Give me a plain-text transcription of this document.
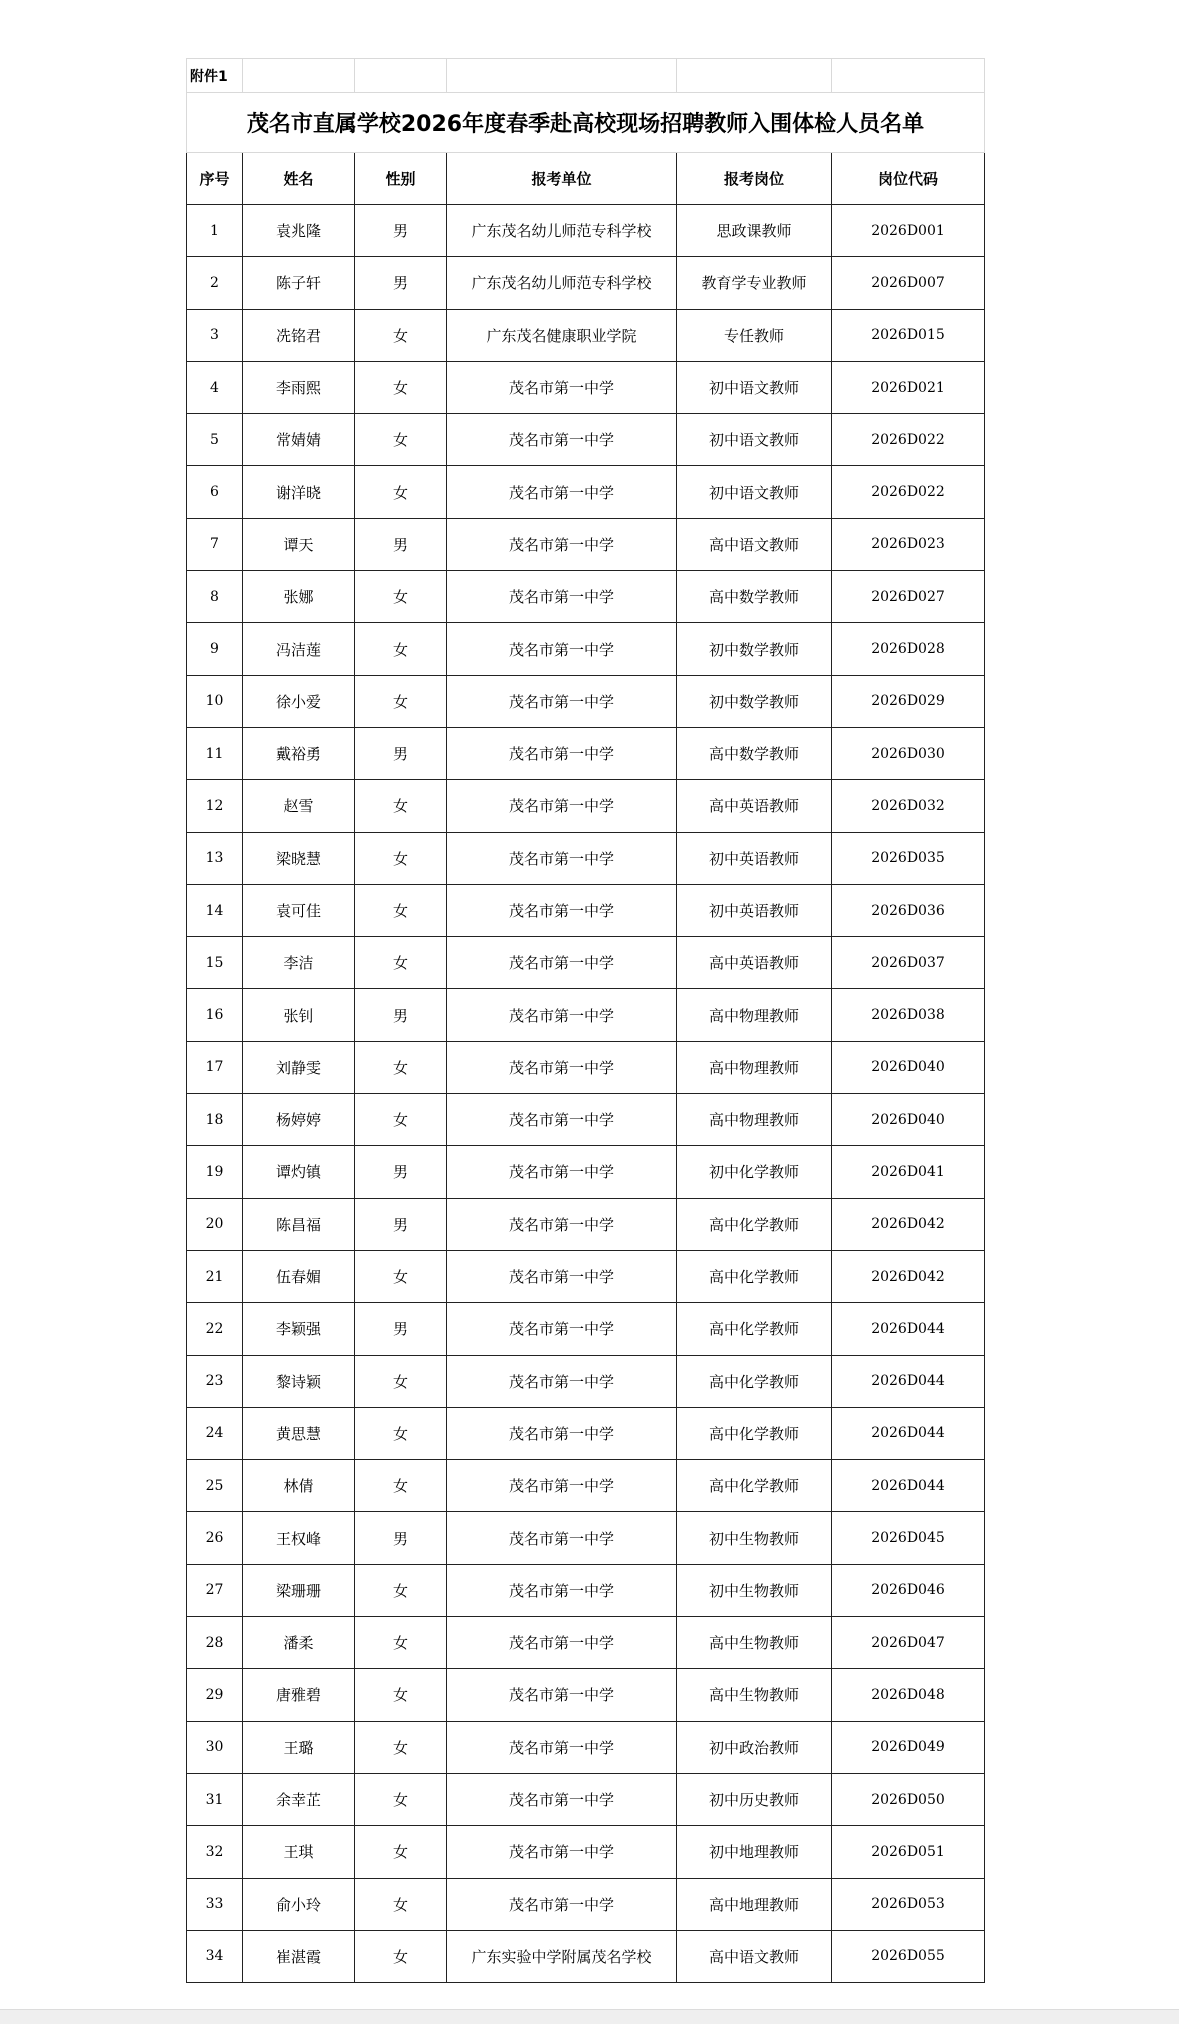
附件1					
茂名市直属学校2026年度春季赴高校现场招聘教师入围体检人员名单					
序号	姓名	性别	报考单位	报考岗位	岗位代码
1	袁兆隆	男	广东茂名幼儿师范专科学校	思政课教师	2026D001
2	陈子轩	男	广东茂名幼儿师范专科学校	教育学专业教师	2026D007
3	冼铭君	女	广东茂名健康职业学院	专任教师	2026D015
4	李雨熙	女	茂名市第一中学	初中语文教师	2026D021
5	常婧婧	女	茂名市第一中学	初中语文教师	2026D022
6	谢洋晓	女	茂名市第一中学	初中语文教师	2026D022
7	谭天	男	茂名市第一中学	高中语文教师	2026D023
8	张娜	女	茂名市第一中学	高中数学教师	2026D027
9	冯洁莲	女	茂名市第一中学	初中数学教师	2026D028
10	徐小爱	女	茂名市第一中学	初中数学教师	2026D029
11	戴裕勇	男	茂名市第一中学	高中数学教师	2026D030
12	赵雪	女	茂名市第一中学	高中英语教师	2026D032
13	梁晓慧	女	茂名市第一中学	初中英语教师	2026D035
14	袁可佳	女	茂名市第一中学	初中英语教师	2026D036
15	李洁	女	茂名市第一中学	高中英语教师	2026D037
16	张钊	男	茂名市第一中学	高中物理教师	2026D038
17	刘静雯	女	茂名市第一中学	高中物理教师	2026D040
18	杨婷婷	女	茂名市第一中学	高中物理教师	2026D040
19	谭灼镇	男	茂名市第一中学	初中化学教师	2026D041
20	陈昌福	男	茂名市第一中学	高中化学教师	2026D042
21	伍春媚	女	茂名市第一中学	高中化学教师	2026D042
22	李颖强	男	茂名市第一中学	高中化学教师	2026D044
23	黎诗颖	女	茂名市第一中学	高中化学教师	2026D044
24	黄思慧	女	茂名市第一中学	高中化学教师	2026D044
25	林倩	女	茂名市第一中学	高中化学教师	2026D044
26	王权峰	男	茂名市第一中学	初中生物教师	2026D045
27	梁珊珊	女	茂名市第一中学	初中生物教师	2026D046
28	潘柔	女	茂名市第一中学	高中生物教师	2026D047
29	唐雅碧	女	茂名市第一中学	高中生物教师	2026D048
30	王璐	女	茂名市第一中学	初中政治教师	2026D049
31	余幸芷	女	茂名市第一中学	初中历史教师	2026D050
32	王琪	女	茂名市第一中学	初中地理教师	2026D051
33	俞小玲	女	茂名市第一中学	高中地理教师	2026D053
34	崔湛霞	女	广东实验中学附属茂名学校	高中语文教师	2026D055
